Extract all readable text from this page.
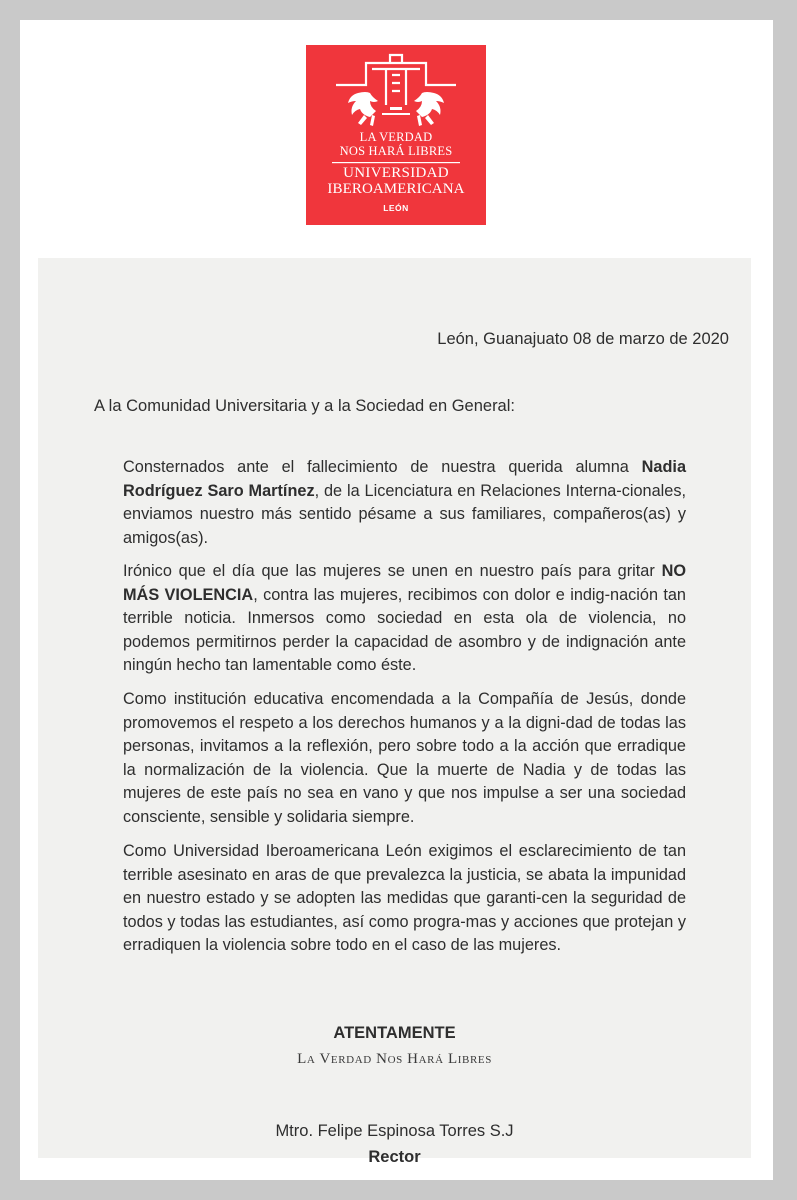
LA VERDAD

NOS HARÁ LIBRES

UNIVERSIDAD

IBEROAMERICANA

LEÓN

León, Guanajuato 08 de marzo de 2020

A la Comunidad Universitaria y a la Sociedad en General:

Consternados ante el fallecimiento de nuestra querida alumna Nadia Rodríguez Saro Martínez, de la Licenciatura en Relaciones Interna-cionales, enviamos nuestro más sentido pésame a sus familiares, compañeros(as) y amigos(as).

Irónico que el día que las mujeres se unen en nuestro país para gritar NO MÁS VIOLENCIA, contra las mujeres, recibimos con dolor e indig-nación tan terrible noticia. Inmersos como sociedad en esta ola de violencia, no podemos permitirnos perder la capacidad de asombro y de indignación ante ningún hecho tan lamentable como éste.

Como institución educativa encomendada a la Compañía de Jesús, donde promovemos el respeto a los derechos humanos y a la digni-dad de todas las personas, invitamos a la reflexión, pero sobre todo a la acción que erradique la normalización de la violencia. Que la muerte de Nadia y de todas las mujeres de este país no sea en vano y que nos impulse a ser una sociedad consciente, sensible y solidaria siempre.

Como Universidad Iberoamericana León exigimos el esclarecimiento de tan terrible asesinato en aras de que prevalezca la justicia, se abata la impunidad en nuestro estado y se adopten las medidas que garanti-cen la seguridad de todos y todas las estudiantes, así como progra-mas y acciones que protejan y erradiquen la violencia sobre todo en el caso de las mujeres.

ATENTAMENTE

La Verdad Nos Hará Libres

Mtro. Felipe Espinosa Torres S.J

Rector
